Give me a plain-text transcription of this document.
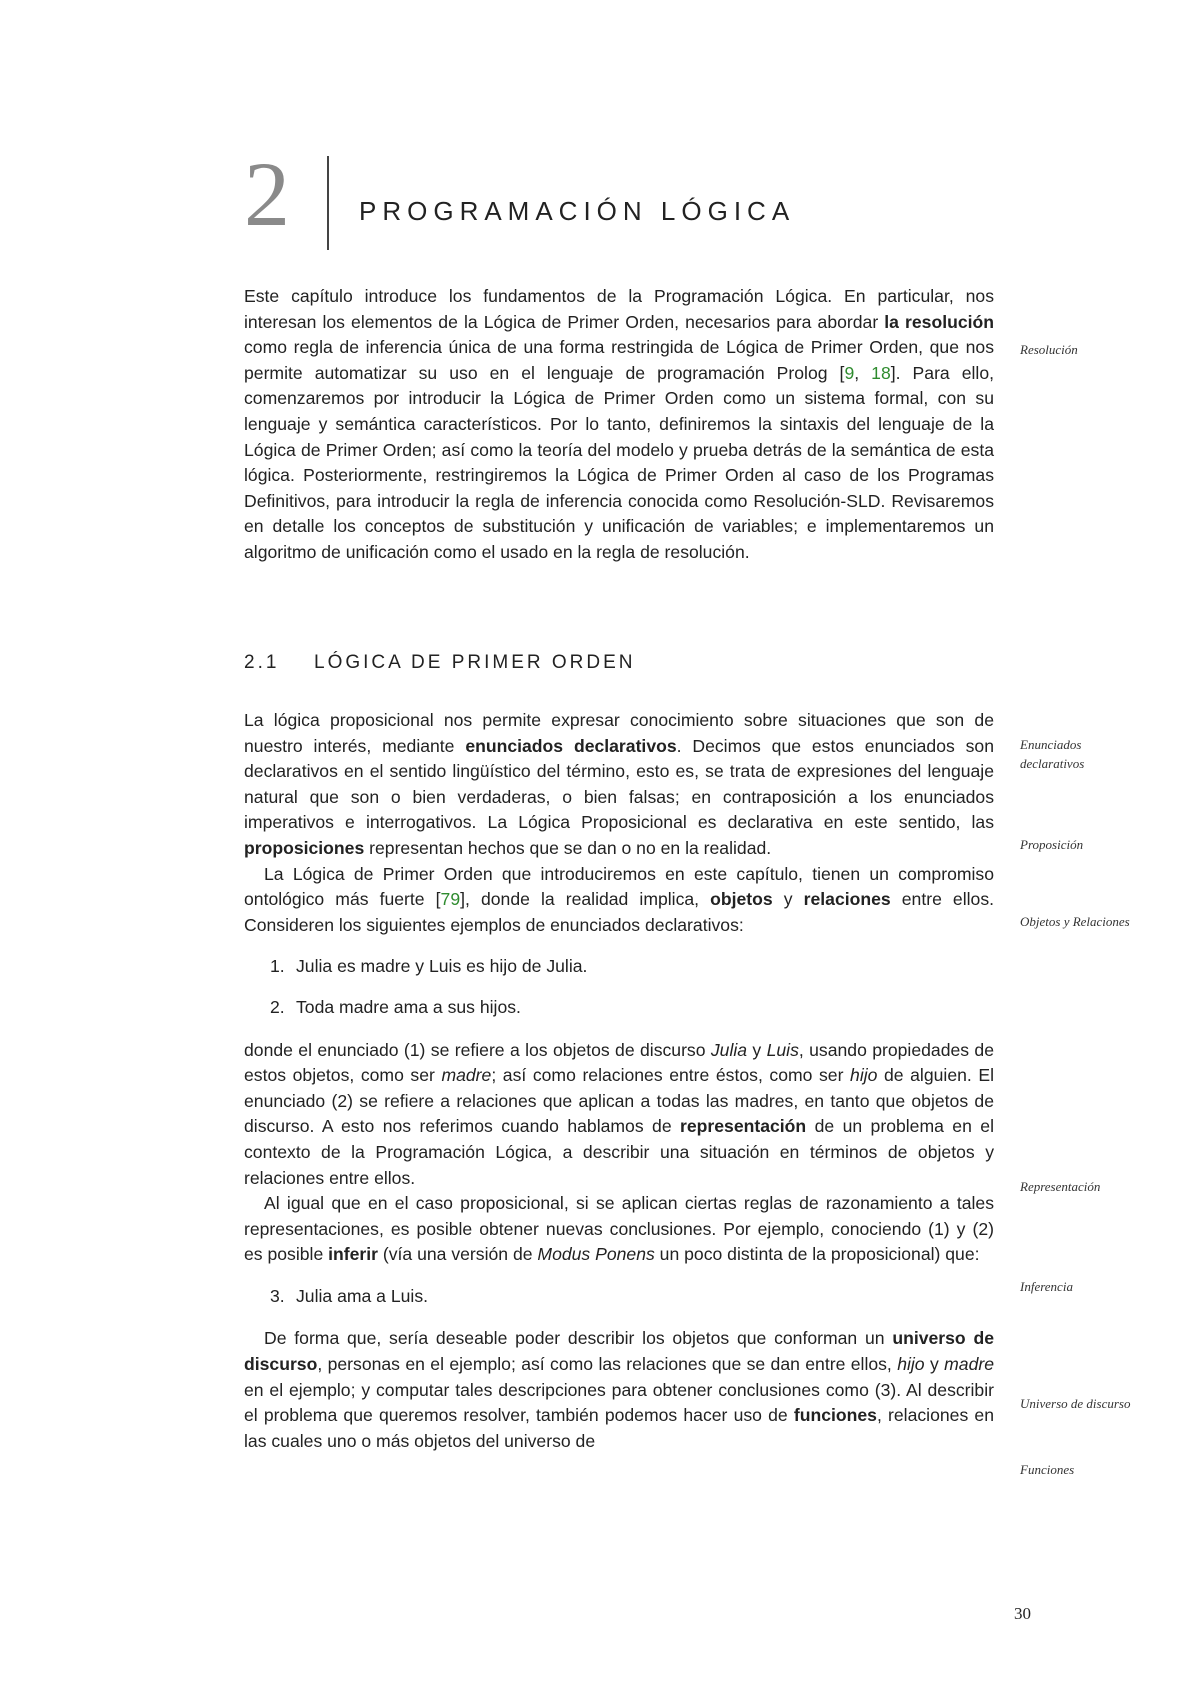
2	PROGRAMACIÓN LÓGICA

Este capítulo introduce los fundamentos de la Programación Lógica. En particular, nos interesan los elementos de la Lógica de Primer Orden, necesarios para abordar la resolución como regla de inferencia única de una forma restringida de Lógica de Primer Orden, que nos permite automatizar su uso en el lenguaje de programación Prolog [9, 18]. Para ello, comenzaremos por introducir la Lógica de Primer Orden como un sistema formal, con su lenguaje y semántica característicos. Por lo tanto, definiremos la sintaxis del lenguaje de la Lógica de Primer Orden; así como la teoría del modelo y prueba detrás de la semántica de esta lógica. Posteriormente, restringiremos la Lógica de Primer Orden al caso de los Programas Definitivos, para introducir la regla de inferencia conocida como Resolución-SLD. Revisaremos en detalle los conceptos de substitución y unificación de variables; e implementaremos un algoritmo de unificación como el usado en la regla de resolución.

2.1 LÓGICA DE PRIMER ORDEN

La lógica proposicional nos permite expresar conocimiento sobre situaciones que son de nuestro interés, mediante enunciados declarativos. Decimos que estos enunciados son declarativos en el sentido lingüístico del término, esto es, se trata de expresiones del lenguaje natural que son o bien verdaderas, o bien falsas; en contraposición a los enunciados imperativos e interrogativos. La Lógica Proposicional es declarativa en este sentido, las proposiciones representan hechos que se dan o no en la realidad.

La Lógica de Primer Orden que introduciremos en este capítulo, tienen un compromiso ontológico más fuerte [79], donde la realidad implica, objetos y relaciones entre ellos. Consideren los siguientes ejemplos de enunciados declarativos:

1. Julia es madre y Luis es hijo de Julia.
2. Toda madre ama a sus hijos.

donde el enunciado (1) se refiere a los objetos de discurso Julia y Luis, usando propiedades de estos objetos, como ser madre; así como relaciones entre éstos, como ser hijo de alguien. El enunciado (2) se refiere a relaciones que aplican a todas las madres, en tanto que objetos de discurso. A esto nos referimos cuando hablamos de representación de un problema en el contexto de la Programación Lógica, a describir una situación en términos de objetos y relaciones entre ellos.

Al igual que en el caso proposicional, si se aplican ciertas reglas de razonamiento a tales representaciones, es posible obtener nuevas conclusiones. Por ejemplo, conociendo (1) y (2) es posible inferir (vía una versión de Modus Ponens un poco distinta de la proposicional) que:

3. Julia ama a Luis.

De forma que, sería deseable poder describir los objetos que conforman un universo de discurso, personas en el ejemplo; así como las relaciones que se dan entre ellos, hijo y madre en el ejemplo; y computar tales descripciones para obtener conclusiones como (3). Al describir el problema que queremos resolver, también podemos hacer uso de funciones, relaciones en las cuales uno o más objetos del universo de

Resolución
Enunciados declarativos
Proposición
Objetos y Relaciones
Representación
Inferencia
Universo de discurso
Funciones
30
